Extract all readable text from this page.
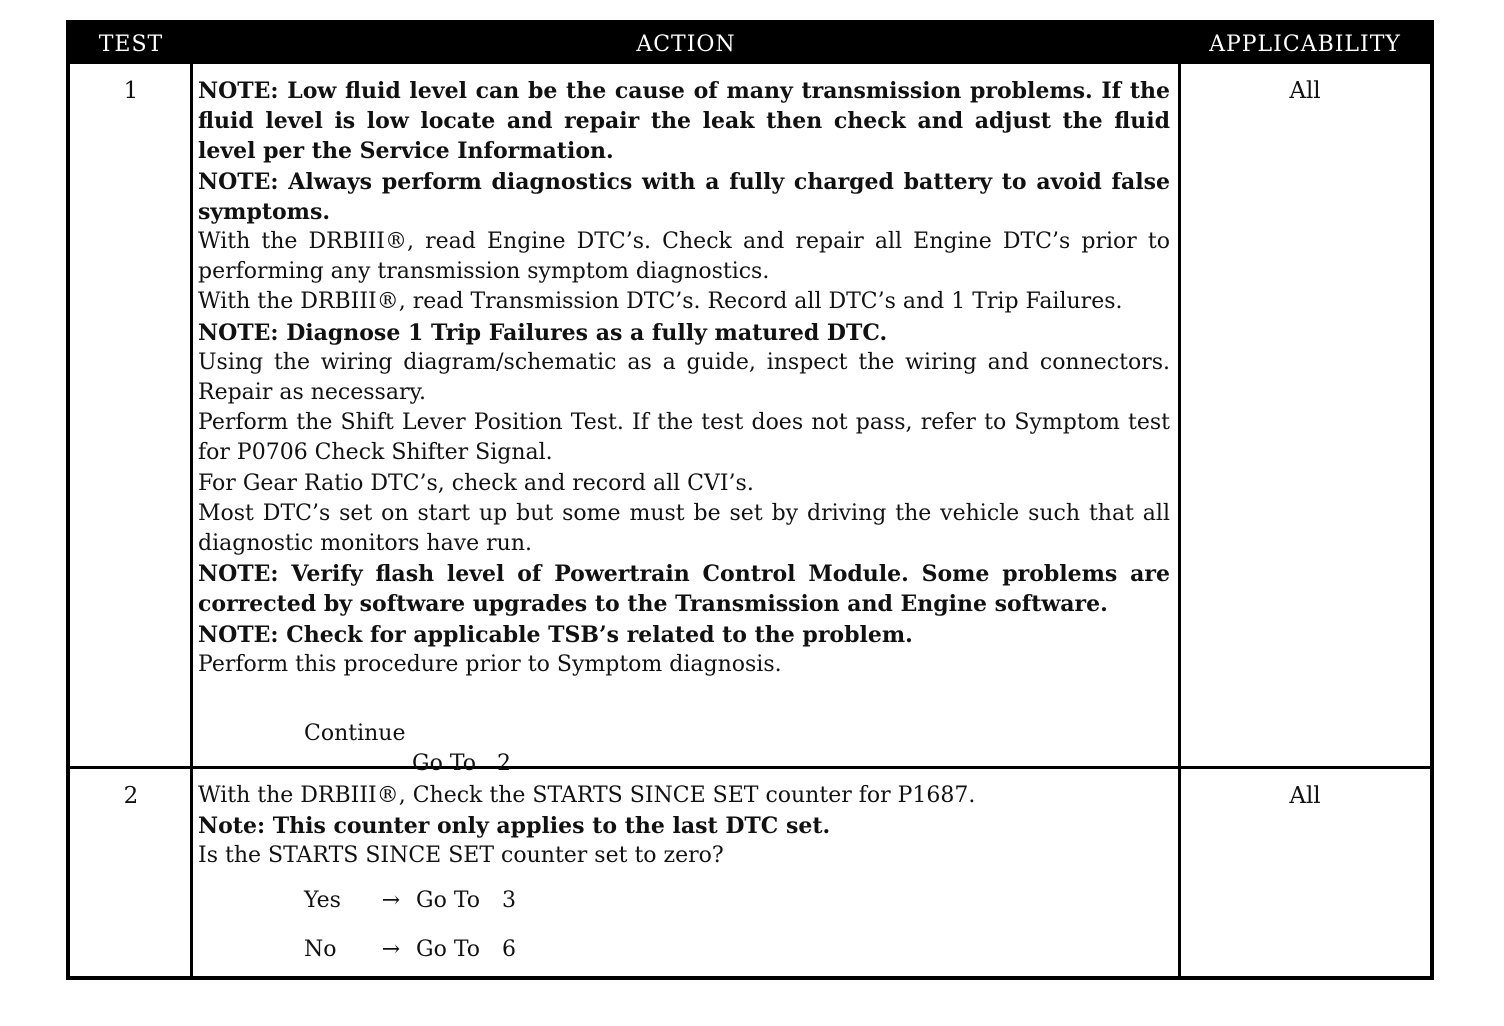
TEST	ACTION	APPLICABILITY
1	NOTE: Low fluid level can be the cause of many transmission problems. If the fluid level is low locate and repair the leak then check and adjust the fluid level per the Service Information.

NOTE: Always perform diagnostics with a fully charged battery to avoid false symptoms.

With the DRBIII®, read Engine DTC’s. Check and repair all Engine DTC’s prior to performing any transmission symptom diagnostics.

With the DRBIII®, read Transmission DTC’s. Record all DTC’s and 1 Trip Failures.

NOTE: Diagnose 1 Trip Failures as a fully matured DTC.

Using the wiring diagram/schematic as a guide, inspect the wiring and connectors. Repair as necessary.

Perform the Shift Lever Position Test. If the test does not pass, refer to Symptom test for P0706 Check Shifter Signal.

For Gear Ratio DTC’s, check and record all CVI’s.

Most DTC’s set on start up but some must be set by driving the vehicle such that all diagnostic monitors have run.

NOTE: Verify flash level of Powertrain Control Module. Some problems are corrected by software upgrades to the Transmission and Engine software.

NOTE: Check for applicable TSB’s related to the problem.

Perform this procedure prior to Symptom diagnosis.

Continue
Go To 2
All
2	With the DRBIII®, Check the STARTS SINCE SET counter for P1687.

Note: This counter only applies to the last DTC set.

Is the STARTS SINCE SET counter set to zero?

Yes → Go To 3
No → Go To 6
All
